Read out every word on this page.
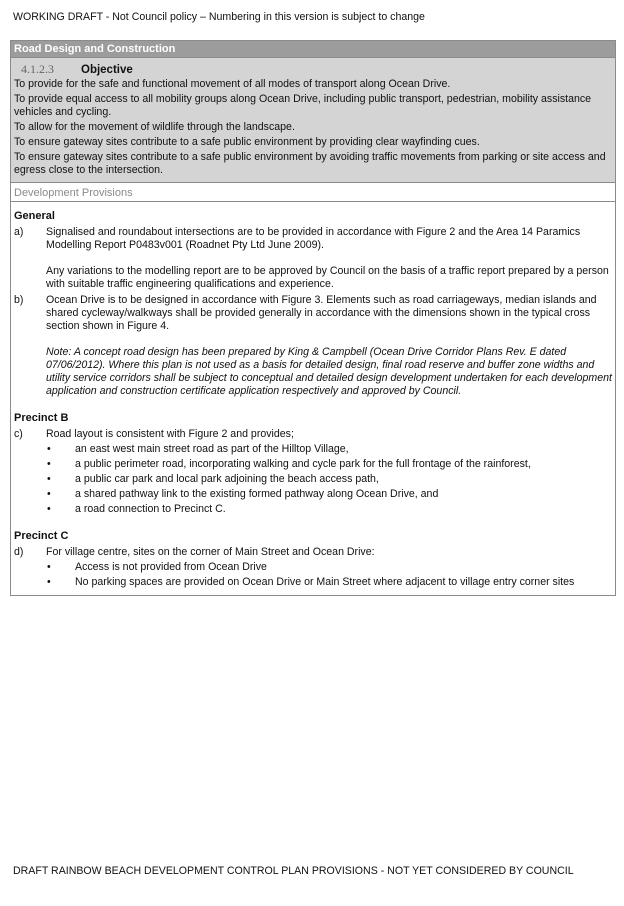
WORKING DRAFT - Not Council policy – Numbering in this version is subject to change
Road Design and Construction
4.1.2.3 Objective

To provide for the safe and functional movement of all modes of transport along Ocean Drive.

To provide equal access to all mobility groups along Ocean Drive, including public transport, pedestrian, mobility assistance vehicles and cycling.

To allow for the movement of wildlife through the landscape.

To ensure gateway sites contribute to a safe public environment by providing clear wayfinding cues.

To ensure gateway sites contribute to a safe public environment by avoiding traffic movements from parking or site access and egress close to the intersection.

Development Provisions
General
a)	Signalised and roundabout intersections are to be provided in accordance with Figure 2 and the Area 14 Paramics Modelling Report P0483v001 (Roadnet Pty Ltd June 2009).

Any variations to the modelling report are to be approved by Council on the basis of a traffic report prepared by a person with suitable traffic engineering qualifications and experience.

b)	Ocean Drive is to be designed in accordance with Figure 3. Elements such as road carriageways, median islands and shared cycleway/walkways shall be provided generally in accordance with the dimensions shown in the typical cross section shown in Figure 4.

Note: A concept road design has been prepared by King & Campbell (Ocean Drive Corridor Plans Rev. E dated 07/06/2012). Where this plan is not used as a basis for detailed design, final road reserve and buffer zone widths and utility service corridors shall be subject to conceptual and detailed design development undertaken for each development application and construction certificate application respectively and approved by Council.

Precinct B
c)	Road layout is consistent with Figure 2 and provides;

•	an east west main street road as part of the Hilltop Village,
•	a public perimeter road, incorporating walking and cycle park for the full frontage of the rainforest,
•	a public car park and local park adjoining the beach access path,
•	a shared pathway link to the existing formed pathway along Ocean Drive, and
•	a road connection to Precinct C.
Precinct C
d)	For village centre, sites on the corner of Main Street and Ocean Drive:

•	Access is not provided from Ocean Drive
•	No parking spaces are provided on Ocean Drive or Main Street where adjacent to village entry corner sites
DRAFT RAINBOW BEACH DEVELOPMENT CONTROL PLAN PROVISIONS - NOT YET CONSIDERED BY COUNCIL
